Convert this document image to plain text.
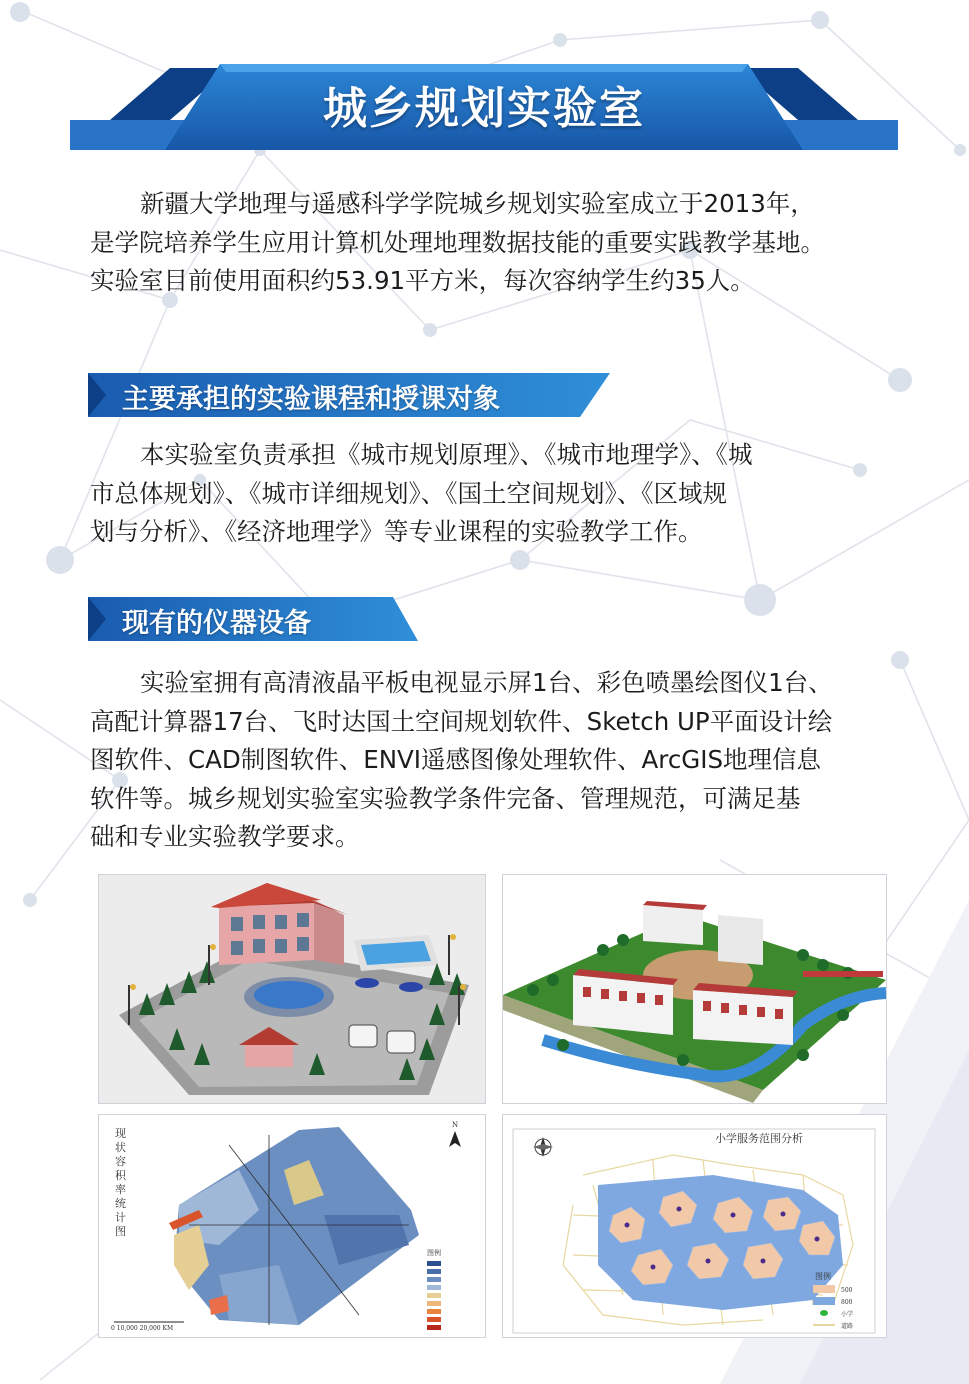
城乡规划实验室
新疆大学地理与遥感科学学院城乡规划实验室成立于2013年，
是学院培养学生应用计算机处理地理数据技能的重要实践教学基地。
实验室目前使用面积约53.91平方米，每次容纳学生约35人。
主要承担的实验课程和授课对象
本实验室负责承担《城市规划原理》、《城市地理学》、《城
市总体规划》、《城市详细规划》、《国土空间规划》、《区域规
划与分析》、《经济地理学》等专业课程的实验教学工作。
现有的仪器设备
实验室拥有高清液晶平板电视显示屏1台、彩色喷墨绘图仪1台、
高配计算器17台、飞时达国土空间规划软件、Sketch UP平面设计绘
图软件、CAD制图软件、ENVI遥感图像处理软件、ArcGIS地理信息
软件等。城乡规划实验室实验教学条件完备、管理规范，可满足基
础和专业实验教学要求。
现
状
容
积
率
统
计
图
N
图例
0 10,000 20,000 KM
小学服务范围分析
图例
500
800
小学
道路
